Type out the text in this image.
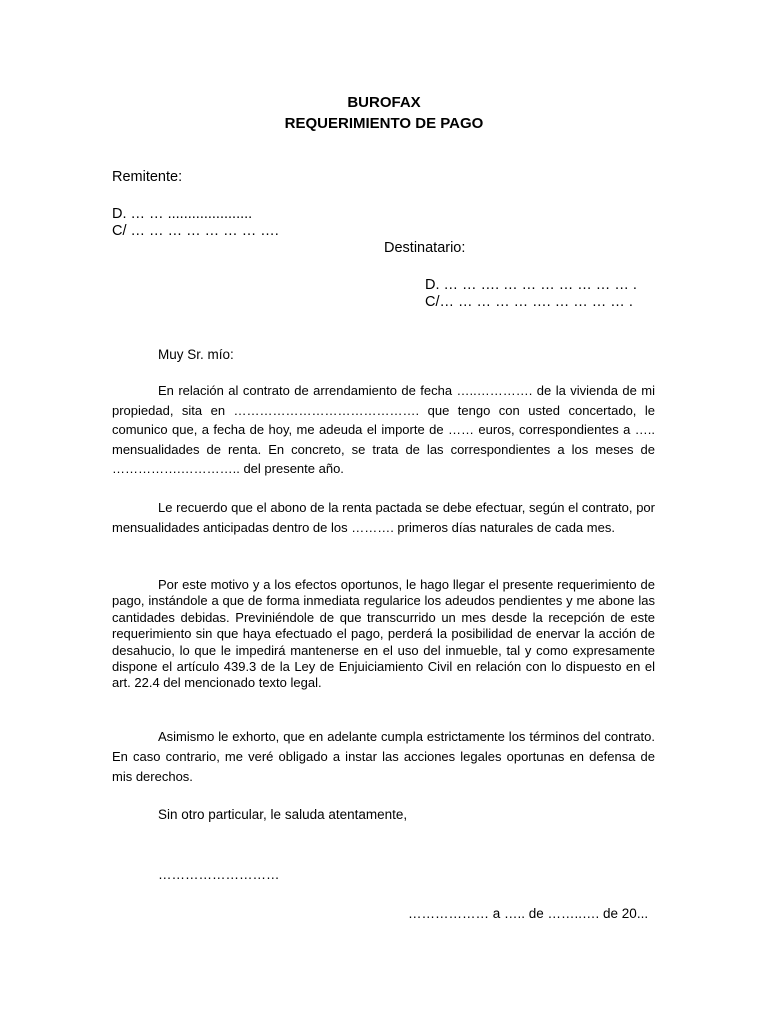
BUROFAX
REQUERIMIENTO DE PAGO
Remitente:
D. … … .....................
C/ … … … … … … … ….
Destinatario:
D. … … …. … … … … … … … .
C/… … … … … …. … … … … .
Muy Sr. mío:
En relación al contrato de arrendamiento de fecha …..…………. de la vivienda de mi propiedad, sita en ……………………………………. que tengo con usted concertado, le comunico que, a fecha de hoy, me adeuda el importe de …… euros, correspondientes a ….. mensualidades de renta. En concreto, se trata de las correspondientes a los meses de …………….………….. del presente año.
Le recuerdo que el abono de la renta pactada se debe efectuar, según el contrato, por mensualidades anticipadas dentro de los ………. primeros días naturales de cada mes.
Por este motivo y a los efectos oportunos, le hago llegar el presente requerimiento de pago, instándole a que de forma inmediata regularice los adeudos pendientes y me abone las cantidades debidas. Previniéndole de que transcurrido un mes desde la recepción de este requerimiento sin que haya efectuado el pago, perderá la posibilidad de enervar la acción de desahucio, lo que le impedirá mantenerse en el uso del inmueble, tal y como expresamente dispone el artículo 439.3 de la Ley de Enjuiciamiento Civil en relación con lo dispuesto en el art. 22.4 del mencionado texto legal.
Asimismo le exhorto, que en adelante cumpla estrictamente los términos del contrato. En caso contrario, me veré obligado a instar las acciones legales oportunas en defensa de mis derechos.
Sin otro particular, le saluda atentamente,
………………………
……………… a ….. de ……..…. de 20...
